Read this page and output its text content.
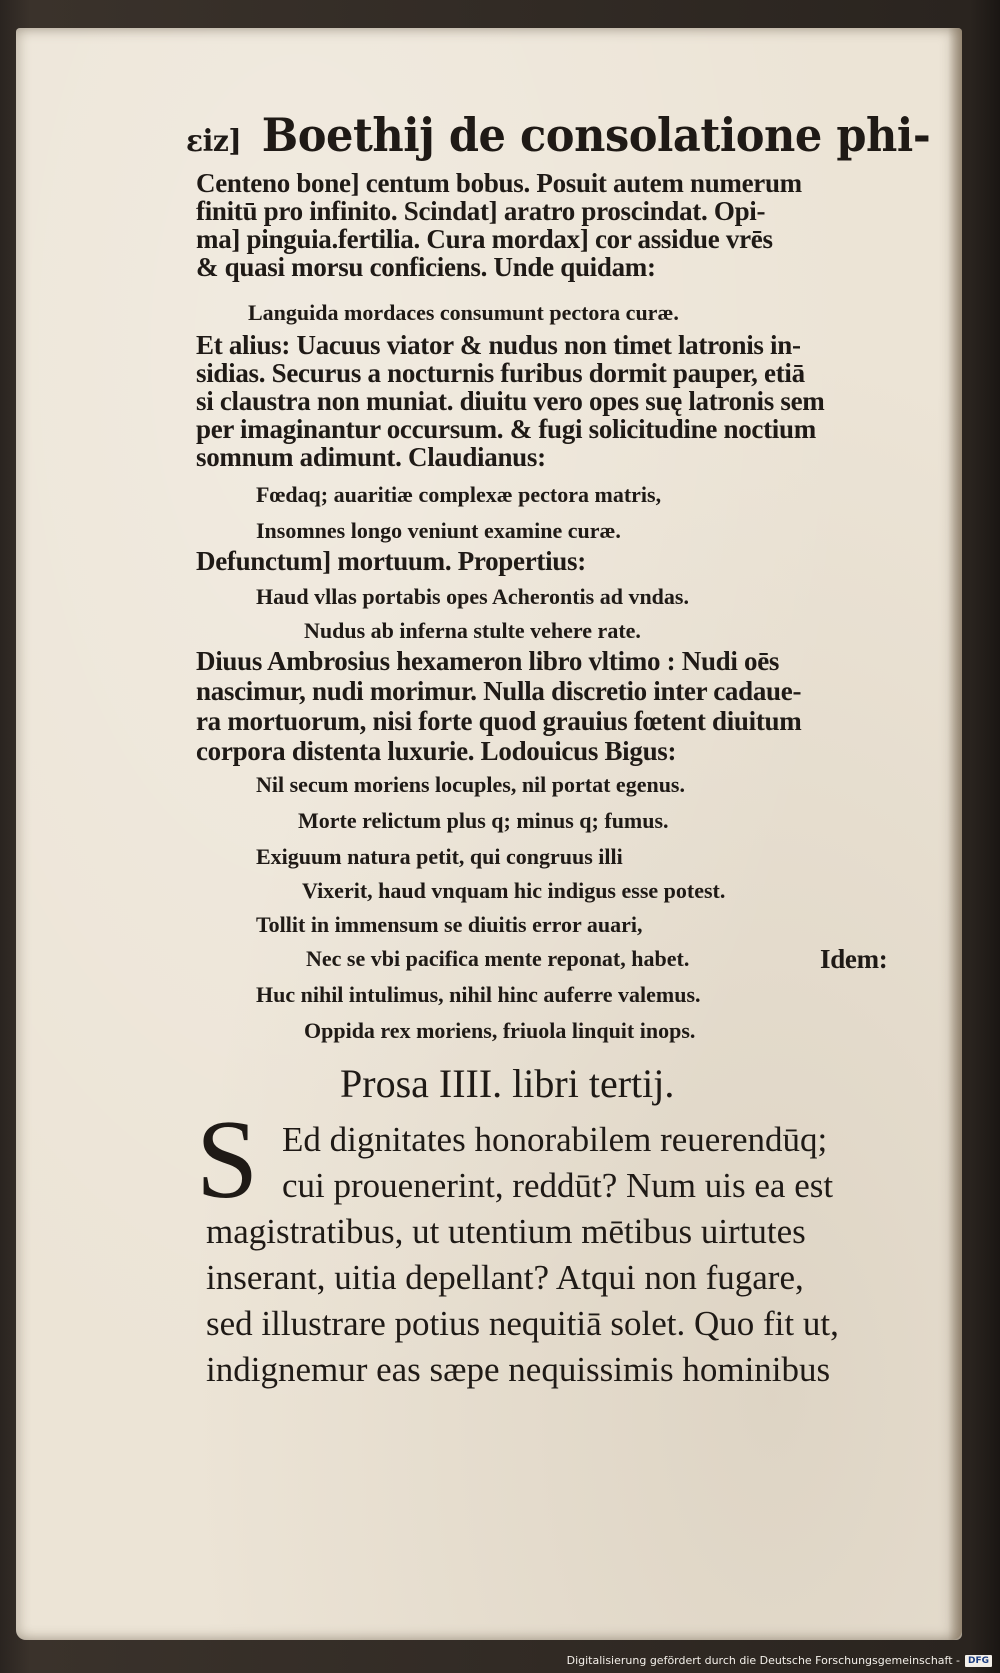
εiz] Boethij de consolatione phi-
Centeno bone] centum bobus. Posuit autem numerum
finitū pro infinito. Scindat] aratro proscindat. Opi-
ma] pinguia.fertilia. Cura mordax] cor assidue vrēs
& quasi morsu conficiens. Unde quidam:
Languida mordaces consumunt pectora curæ.
Et alius: Uacuus viator & nudus non timet latronis in-
sidias. Securus a nocturnis furibus dormit pauper, etiā
si claustra non muniat. diuitu vero opes suę latronis sem
per imaginantur occursum. & fugi solicitudine noctium
somnum adimunt. Claudianus:
Fœdaq; auaritiæ complexæ pectora matris,
Insomnes longo veniunt examine curæ.
Defunctum] mortuum. Propertius:
Haud vllas portabis opes Acherontis ad vndas.
Nudus ab inferna stulte vehere rate.
Diuus Ambrosius hexameron libro vltimo : Nudi oēs
nascimur, nudi morimur. Nulla discretio inter cadaue-
ra mortuorum, nisi forte quod grauius fœtent diuitum
corpora distenta luxurie. Lodouicus Bigus:
Nil secum moriens locuples, nil portat egenus.
Morte relictum plus q; minus q; fumus.
Exiguum natura petit, qui congruus illi
Vixerit, haud vnquam hic indigus esse potest.
Tollit in immensum se diuitis error auari,
Nec se vbi pacifica mente reponat, habet.	Idem:
Huc nihil intulimus, nihil hinc auferre valemus.
Oppida rex moriens, friuola linquit inops.
Prosa IIII. libri tertij.
S Ed dignitates honorabilem reuerendūq;
cui prouenerint, reddūt? Num uis ea est
magistratibus, ut utentium mētibus uirtutes
inserant, uitia depellant? Atqui non fugare,
sed illustrare potius nequitiā solet. Quo fit ut,
indignemur eas sæpe nequissimis hominibus
Digitalisierung gefördert durch die Deutsche Forschungsgemeinschaft - DFG
